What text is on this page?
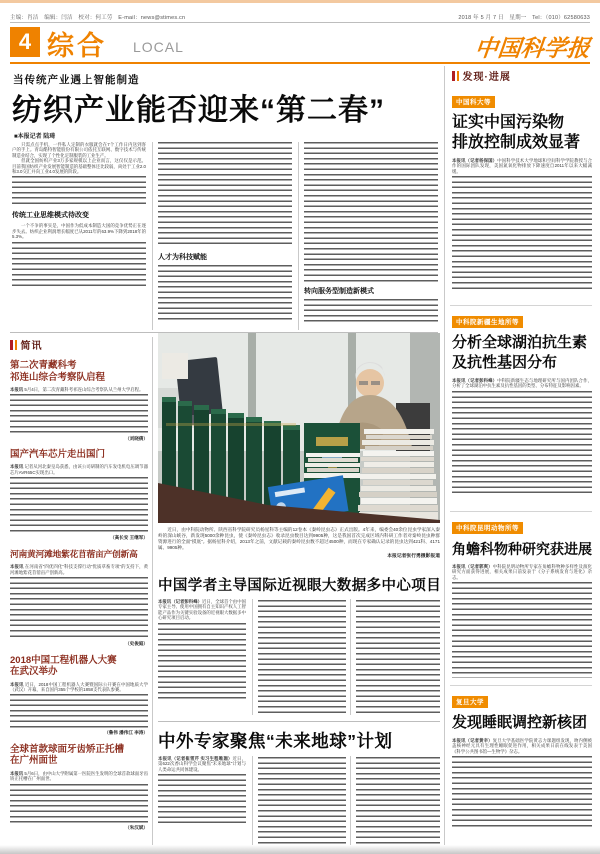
主编：肖洁　编辑：闫洁　校对：何工劳　E-mail：news@stimes.cn	2018 年 5 月 7 日　星期一　Tel：（010）62580633
4 综合 LOCAL	中国科学报
当传统产业遇上智能制造
纺织产业能否迎来“第二春”
■本报记者 陆琦
　　只需点点手机，一件私人定制的衣服就会在7个工作日内送到客户的手上。青岛酷特智能股份有限公司依托互联网、数字技术与传统制造业结合，实现了个性化定制服装的工业生产。
　　但就全国纺织产业3万多家规模以上企业而言，这仅仅是示范。目前我国纺织产业发展智能制造的基础整体还比较弱，尚处于工业2.0和3.0交汇并向工业4.0发展的阶段。
传统工业思维模式待改变
　　一个不争的事实是，中国作为低成本制造大国的竞争优势正在逐步失去。纺织企业利润增长幅度已从2011年的63.9%下降到2018年的5.3%。
人才为科技赋能
转向服务型制造新模式
简讯
第二次青藏科考
祁连山综合考察队启程
本报讯 5月4日，第二次青藏科考祁连山综合考察队从兰州大学启程。
（刘晓倩）
国产汽车芯片走出国门
本报讯 记者从河北秦皇岛获悉，由该公司研制的汽车发电机电压调节器芯片AVR65C实现出口。
（高长安 王继军）
河南黄河滩地紫花苜蓿亩产创新高
本报讯 在河南省“四优四化”科技支撑行动“优质草畜专项”的支持下，黄河滩地紫花苜蓿亩产创新高。
（史俊庭）
2018中国工程机器人大赛
在武汉举办
本报讯 近日，2018中国工程机器人大赛暨国际公开赛在中国地质大学（武汉）开幕，来自国内355个学校的1858支代表队参赛。
（鲁伟 潘伟江 李涛）
全球首款球面牙齿矫正托槽
在广州面世
本报讯 5月6日，由中山大学附属第一医院医生发明的全球首款球面牙齿矫正托槽在广州面世。
（朱汉斌）
　　近日，由中科院动物所、陕西省科学院研究员杨星科等主编的12卷本《秦岭昆虫志》正式出版。4年来，编委会40余位昆虫学家深入秦岭的深山峡谷，新发现5000余种昆虫，使《秦岭昆虫志》收录昆虫数目达到9905种，这是我国首次完成区域内科研工作者对秦岭昆虫种群资源进行的全面“摸底”。据杨星科介绍，2013年之前，文献记载的秦岭昆虫数不超过4500种，而现在专家确认记录的昆虫达到421科、4171属、9905种。
本报记者张行勇摄影报道
中国学者主导国际近视眼大数据多中心项目
本报讯（记者彭科峰）近日，全球首个由中国专家主导、使用中国拥有自主知识产权人工智能产品作为关键实验设备的近视眼大数据多中心研究项目启动。
中外专家聚焦“未来地球”计划
本报讯（记者崔雪芹 实习生程唯珈）近日，第622次香山科学会议聚焦“未来地球”计划与人类命运共同体建设。
发现·进展
中国科大等
证实中国污染物
排放控制成效显著
本报讯（记者杨保国）中国科学技术大学地球和空间科学学院教授与合作的国际团队发现，美国氮氧化物排放下降速度自2011年以来大幅减缓。
中科院新疆生地所等
分析全球湖泊抗生素
及抗性基因分布
本报讯（记者彭科峰）中科院新疆生态与地理研究所与国内团队合作，分析了全球湖泊中抗生素及抗性基因的类型、分布特征及影响因素。
中科院昆明动物所等
角蟾科物种研究获进展
本报讯（记者郭爽）中科院昆明动物所专家在角蟾科物种多样性及演化研究方面获得进展，相关成果日前发表于《分子系统发育与进化》杂志。
复旦大学
发现睡眠调控新核团
本报讯（记者黄辛）复旦大学基础医学院黄志力课题组发现，吻内侧被盖核神经元具有生理性睡眠促进作用，相关成果日前在线发表于美国《科学公共图书馆—生物学》杂志。
